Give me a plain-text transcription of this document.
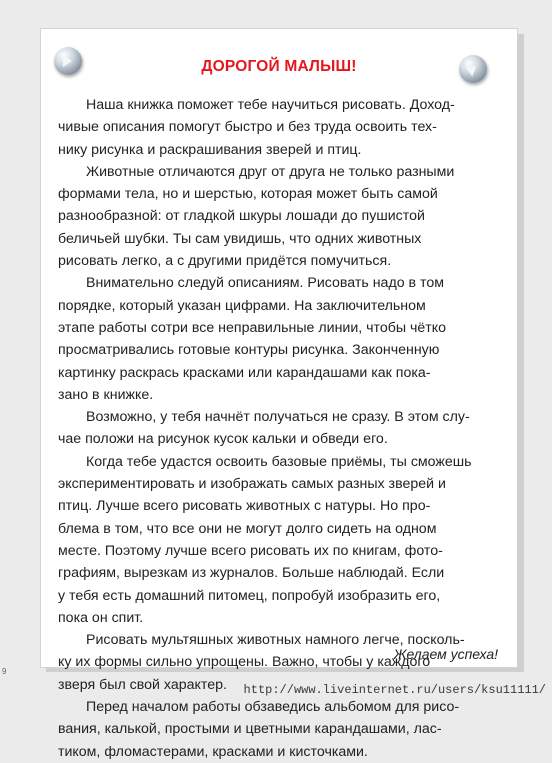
ДОРОГОЙ МАЛЫШ!
Наша книжка поможет тебе научиться рисовать. Доход-
чивые описания помогут быстро и без труда освоить тех-
нику рисунка и раскрашивания зверей и птиц.
Животные отличаются друг от друга не только разными
формами тела, но и шерстью, которая может быть самой
разнообразной: от гладкой шкуры лошади до пушистой
беличьей шубки. Ты сам увидишь, что одних животных
рисовать легко, а с другими придётся помучиться.
Внимательно следуй описаниям. Рисовать надо в том
порядке, который указан цифрами. На заключительном
этапе работы сотри все неправильные линии, чтобы чётко
просматривались готовые контуры рисунка. Законченную
картинку раскрась красками или карандашами как пока-
зано в книжке.
Возможно, у тебя начнёт получаться не сразу. В этом слу-
чае положи на рисунок кусок кальки и обведи его.
Когда тебе удастся освоить базовые приёмы, ты сможешь
экспериментировать и изображать самых разных зверей и
птиц. Лучше всего рисовать животных с натуры. Но про-
блема в том, что все они не могут долго сидеть на одном
месте. Поэтому лучше всего рисовать их по книгам, фото-
графиям, вырезкам из журналов. Больше наблюдай. Если
у тебя есть домашний питомец, попробуй изобразить его,
пока он спит.
Рисовать мультяшных животных намного легче, посколь-
ку их формы сильно упрощены. Важно, чтобы у каждого
зверя был свой характер.
Перед началом работы обзаведись альбомом для рисо-
вания, калькой, простыми и цветными карандашами, лас-
тиком, фломастерами, красками и кисточками.
Желаем успеха!
9
http://www.liveinternet.ru/users/ksu11111/
